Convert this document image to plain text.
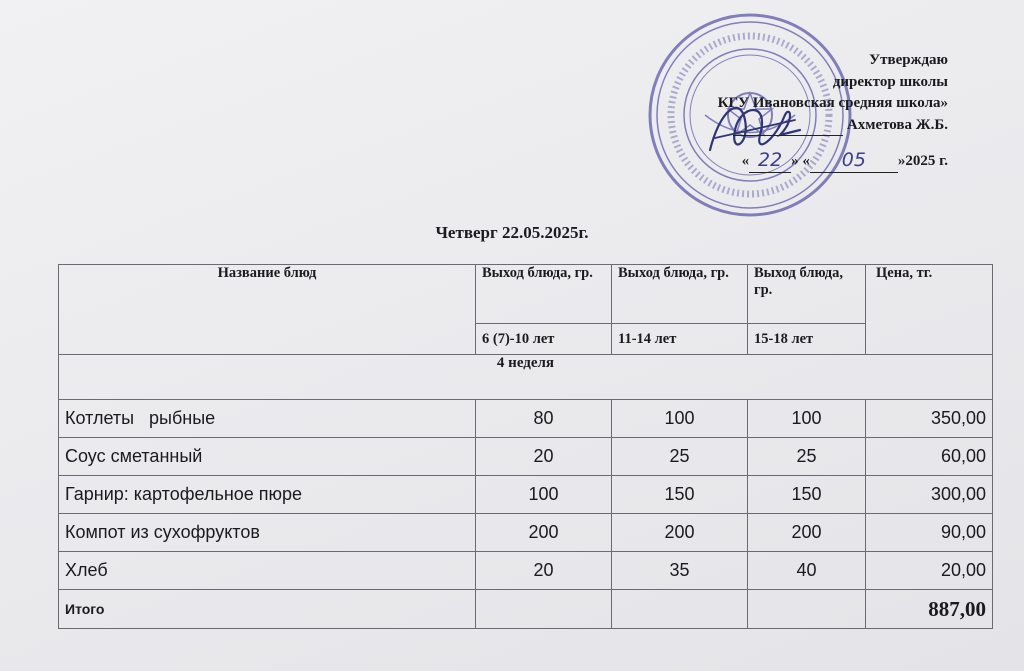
Утверждаю
директор школы
КГУ Ивановская средняя школа»
Ахметова Ж.Б.
« 22 » « 05 »2025 г.
Четверг 22.05.2025г.
Название блюд	Выход блюда, гр.	Выход блюда, гр.	Выход блюда, гр.	Цена, тг.
	6 (7)-10 лет	11-14 лет	15-18 лет	
4 неделя				
Котлеты   рыбные	80	100	100	350,00
Соус сметанный	20	25	25	60,00
Гарнир: картофельное пюре	100	150	150	300,00
Компот из сухофруктов	200	200	200	90,00
Хлеб	20	35	40	20,00
Итого				887,00
